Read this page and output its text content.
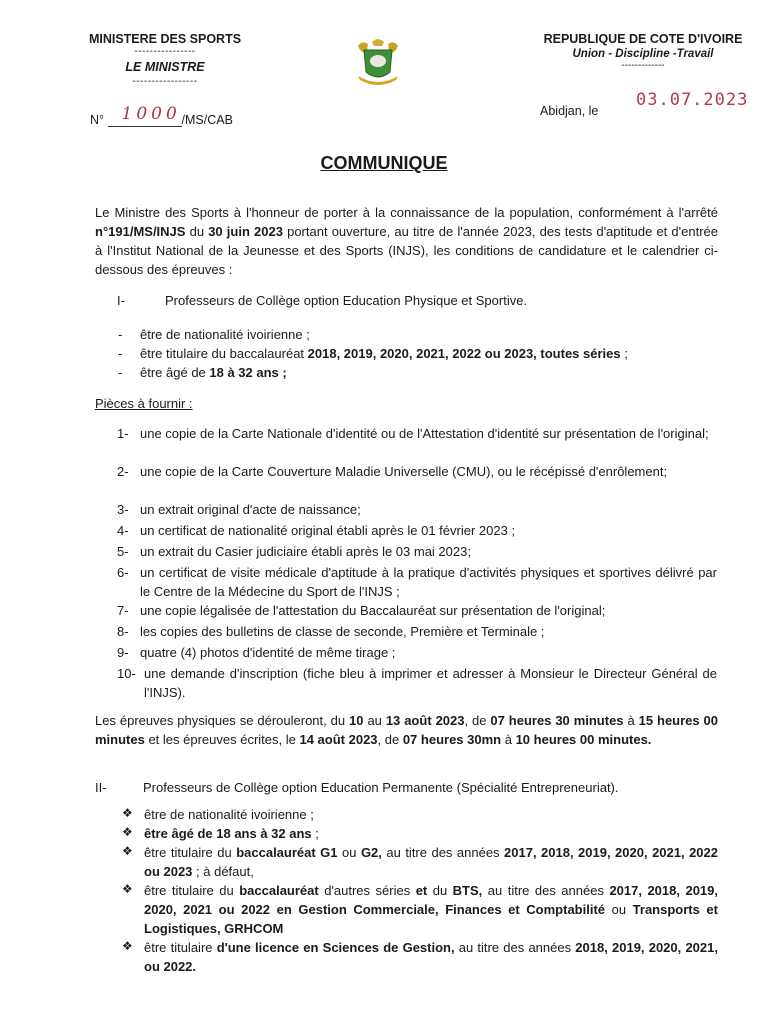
MINISTERE DES SPORTS
----------------
LE MINISTRE
-----------------
REPUBLIQUE DE COTE D'IVOIRE
Union - Discipline -Travail
-------------
N° 1000 /MS/CAB
Abidjan, le
03.07.2023
COMMUNIQUE
Le Ministre des Sports à l'honneur de porter à la connaissance de la population, conformément à l'arrêté n°191/MS/INJS du 30 juin 2023 portant ouverture, au titre de l'année 2023, des tests d'aptitude et d'entrée à l'Institut National de la Jeunesse et des Sports (INJS), les conditions de candidature et le calendrier ci-dessous des épreuves :
I-	Professeurs de Collège option Education Physique et Sportive.
- être de nationalité ivoirienne ;
- être titulaire du baccalauréat 2018, 2019, 2020, 2021, 2022 ou 2023, toutes séries ;
- être âgé de 18 à 32 ans ;
Pièces à fournir :
1- une copie de la Carte Nationale d'identité ou de l'Attestation d'identité sur présentation de l'original;
2- une copie de la Carte Couverture Maladie Universelle (CMU), ou le récépissé d'enrôlement;
3- un extrait original d'acte de naissance;
4- un certificat de nationalité original établi après le 01 février 2023 ;
5- un extrait du Casier judiciaire établi après le 03 mai 2023;
6- un certificat de visite médicale d'aptitude à la pratique d'activités physiques et sportives délivré par le Centre de la Médecine du Sport de l'INJS ;
7- une copie légalisée de l'attestation du Baccalauréat sur présentation de l'original;
8- les copies des bulletins de classe de seconde, Première et Terminale ;
9- quatre (4) photos d'identité de même tirage ;
10- une demande d'inscription (fiche bleu à imprimer et adresser à Monsieur le Directeur Général de l'INJS).
Les épreuves physiques se dérouleront, du 10 au 13 août 2023, de 07 heures 30 minutes à 15 heures 00 minutes et les épreuves écrites, le 14 août 2023, de 07 heures 30mn à 10 heures 00 minutes.
II-	Professeurs de Collège option Education Permanente (Spécialité Entrepreneuriat).
❖ être de nationalité ivoirienne ;
❖ être âgé de 18 ans à 32 ans ;
❖ être titulaire du baccalauréat G1 ou G2, au titre des années 2017, 2018, 2019, 2020, 2021, 2022 ou 2023 ; à défaut,
❖ être titulaire du baccalauréat d'autres séries et du BTS, au titre des années 2017, 2018, 2019, 2020, 2021 ou 2022 en Gestion Commerciale, Finances et Comptabilité ou Transports et Logistiques, GRHCOM
❖ être titulaire d'une licence en Sciences de Gestion, au titre des années 2018, 2019, 2020, 2021, ou 2022.
